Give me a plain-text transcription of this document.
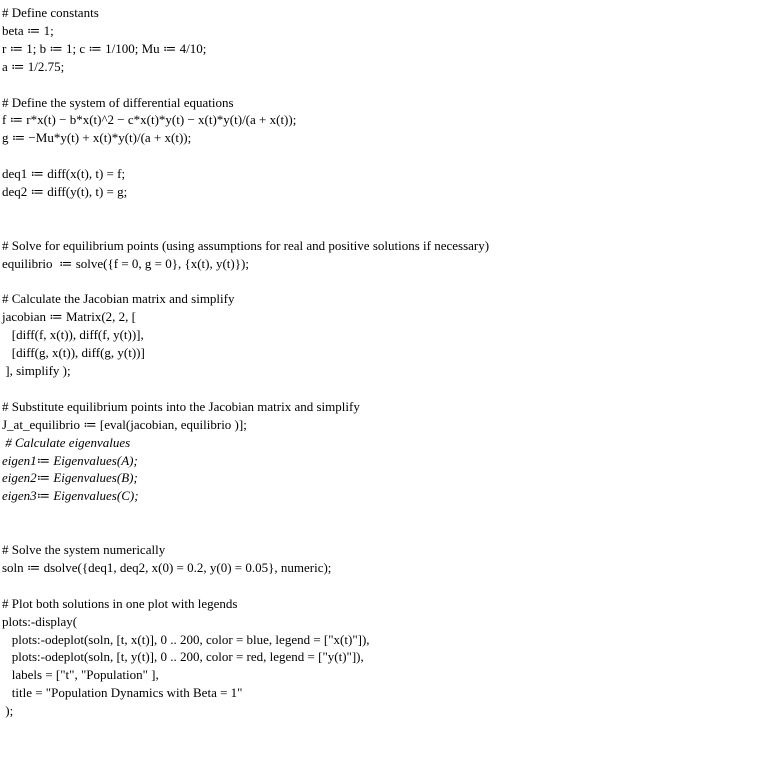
# Define constants
beta ≔ 1;
r ≔ 1; b ≔ 1; c ≔ 1/100; Mu ≔ 4/10;
a ≔ 1/2.75;
# Define the system of differential equations
f ≔ r*x(t) − b*x(t)^2 − c*x(t)*y(t) − x(t)*y(t)/(a + x(t));
g ≔ −Mu*y(t) + x(t)*y(t)/(a + x(t));
deq1 ≔ diff(x(t), t) = f;
deq2 ≔ diff(y(t), t) = g;
# Solve for equilibrium points (using assumptions for real and positive solutions if necessary)
equilibrio  ≔ solve({f = 0, g = 0}, {x(t), y(t)});
# Calculate the Jacobian matrix and simplify
jacobian ≔ Matrix(2, 2, [
[diff(f, x(t)), diff(f, y(t))],
[diff(g, x(t)), diff(g, y(t))]
], simplify );
# Substitute equilibrium points into the Jacobian matrix and simplify
J_at_equilibrio ≔ [eval(jacobian, equilibrio )];
# Calculate eigenvalues
eigen1≔ Eigenvalues(A);
eigen2≔ Eigenvalues(B);
eigen3≔ Eigenvalues(C);
# Solve the system numerically
soln ≔ dsolve({deq1, deq2, x(0) = 0.2, y(0) = 0.05}, numeric);
# Plot both solutions in one plot with legends
plots:-display(
plots:-odeplot(soln, [t, x(t)], 0 .. 200, color = blue, legend = ["x(t)"]),
plots:-odeplot(soln, [t, y(t)], 0 .. 200, color = red, legend = ["y(t)"]),
labels = ["t", "Population" ],
title = "Population Dynamics with Beta = 1"
);
